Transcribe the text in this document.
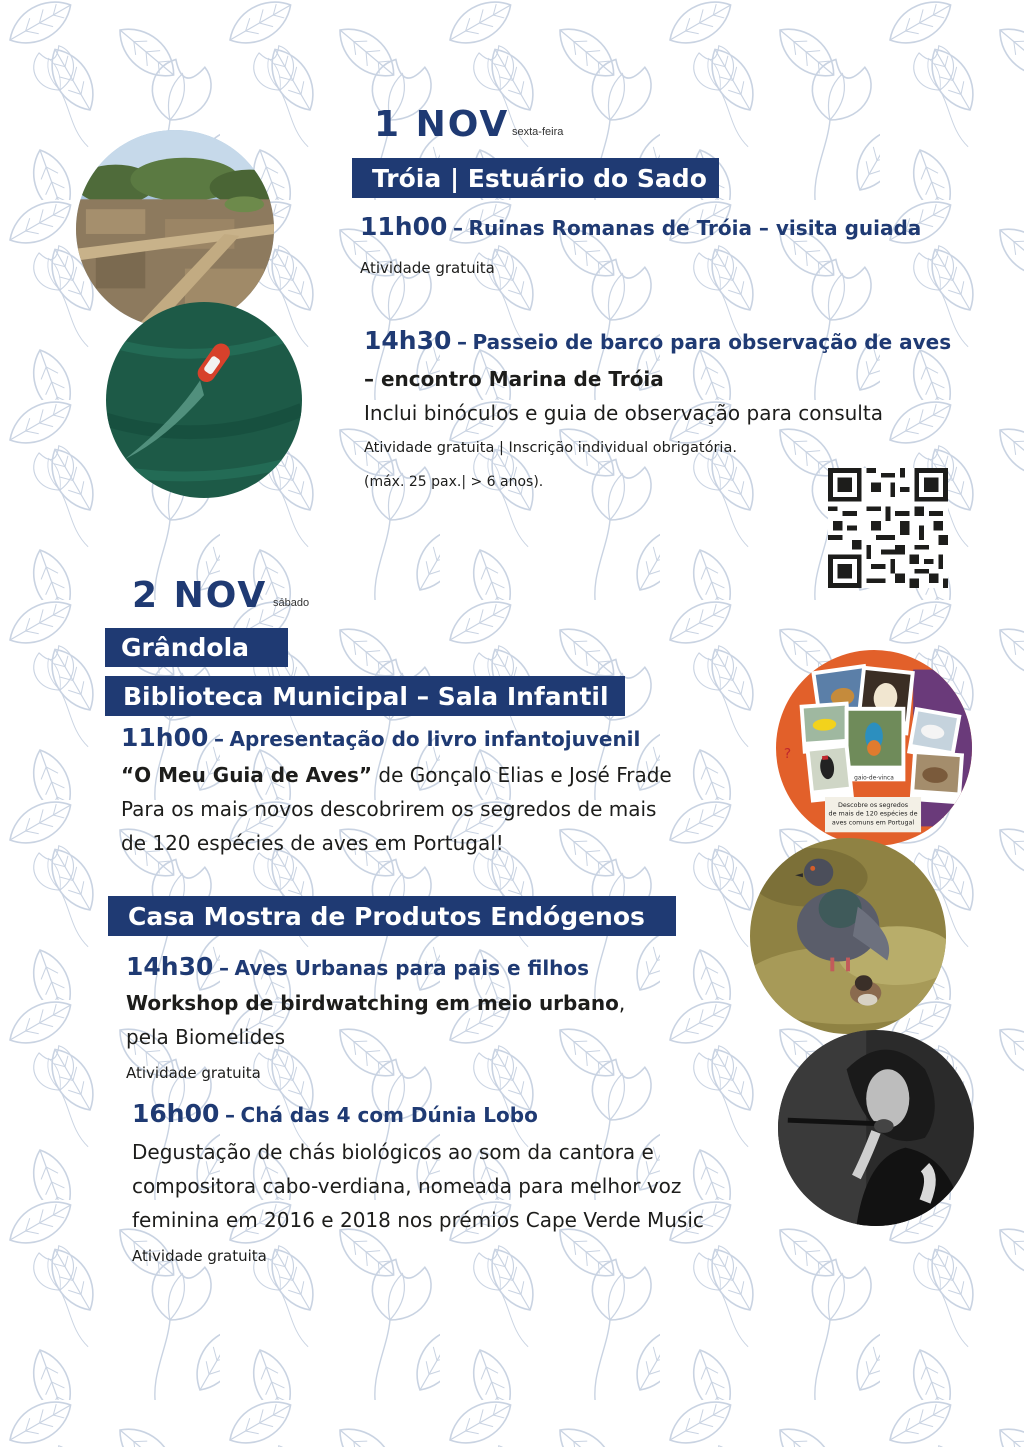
1 NOV sexta-feira
Tróia | Estuário do Sado
11h00 – Ruinas Romanas de Tróia – visita guiada
Atividade gratuita
14h30 – Passeio de barco para observação de aves
– encontro Marina de Tróia
Inclui binóculos e guia de observação para consulta
Atividade gratuita | Inscrição individual obrigatória.
(máx. 25 pax.| > 6 anos).
2 NOV sábado
Grândola
Biblioteca Municipal – Sala Infantil
11h00 – Apresentação do livro infantojuvenil
“O Meu Guia de Aves” de Gonçalo Elias e José Frade
Para os mais novos descobrirem os segredos de mais
de 120 espécies de aves em Portugal!
gaio-de-vinca
Descobre os segredos
de mais de 120 espécies de
aves comuns em Portugal
?
Casa Mostra de Produtos Endógenos
14h30 – Aves Urbanas para pais e filhos
Workshop de birdwatching em meio urbano,
pela Biomelides
Atividade gratuita
16h00 – Chá das 4 com Dúnia Lobo
Degustação de chás biológicos ao som da cantora e
compositora cabo-verdiana, nomeada para melhor voz
feminina em 2016 e 2018 nos prémios Cape Verde Music
Atividade gratuita
